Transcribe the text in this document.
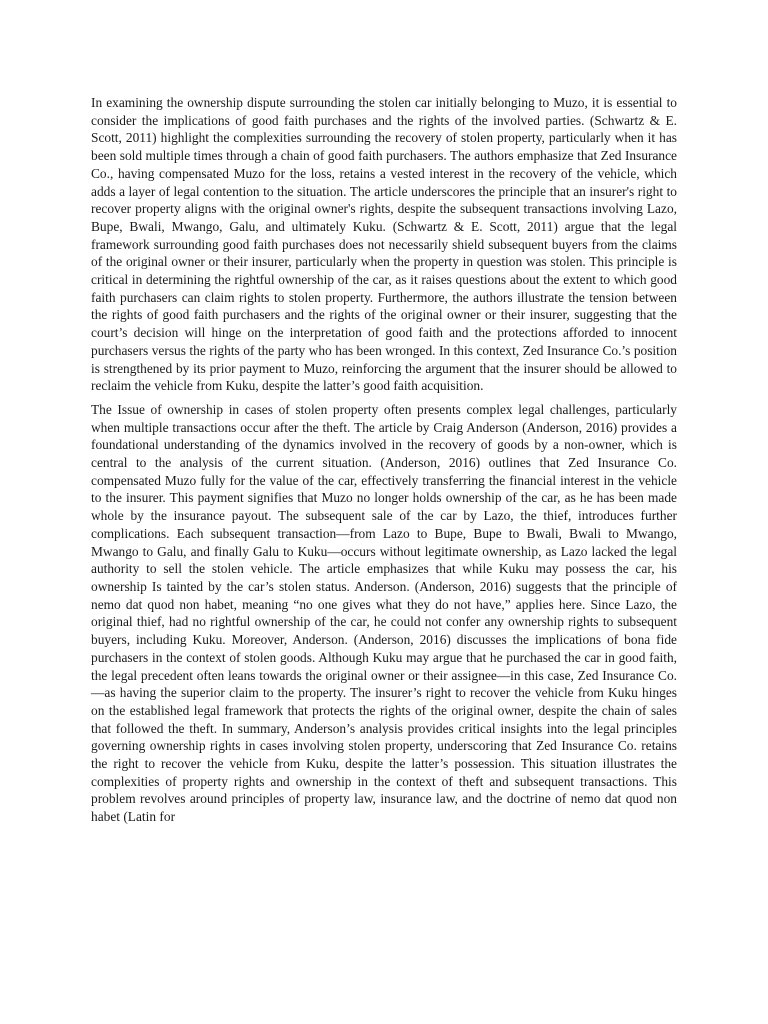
In examining the ownership dispute surrounding the stolen car initially belonging to Muzo, it is essential to consider the implications of good faith purchases and the rights of the involved parties. (Schwartz & E. Scott, 2011) highlight the complexities surrounding the recovery of stolen property, particularly when it has been sold multiple times through a chain of good faith purchasers. The authors emphasize that Zed Insurance Co., having compensated Muzo for the loss, retains a vested interest in the recovery of the vehicle, which adds a layer of legal contention to the situation. The article underscores the principle that an insurer's right to recover property aligns with the original owner's rights, despite the subsequent transactions involving Lazo, Bupe, Bwali, Mwango, Galu, and ultimately Kuku. (Schwartz & E. Scott, 2011) argue that the legal framework surrounding good faith purchases does not necessarily shield subsequent buyers from the claims of the original owner or their insurer, particularly when the property in question was stolen. This principle is critical in determining the rightful ownership of the car, as it raises questions about the extent to which good faith purchasers can claim rights to stolen property. Furthermore, the authors illustrate the tension between the rights of good faith purchasers and the rights of the original owner or their insurer, suggesting that the court’s decision will hinge on the interpretation of good faith and the protections afforded to innocent purchasers versus the rights of the party who has been wronged. In this context, Zed Insurance Co.’s position is strengthened by its prior payment to Muzo, reinforcing the argument that the insurer should be allowed to reclaim the vehicle from Kuku, despite the latter’s good faith acquisition.

The Issue of ownership in cases of stolen property often presents complex legal challenges, particularly when multiple transactions occur after the theft. The article by Craig Anderson (Anderson, 2016) provides a foundational understanding of the dynamics involved in the recovery of goods by a non-owner, which is central to the analysis of the current situation. (Anderson, 2016) outlines that Zed Insurance Co. compensated Muzo fully for the value of the car, effectively transferring the financial interest in the vehicle to the insurer. This payment signifies that Muzo no longer holds ownership of the car, as he has been made whole by the insurance payout. The subsequent sale of the car by Lazo, the thief, introduces further complications. Each subsequent transaction—from Lazo to Bupe, Bupe to Bwali, Bwali to Mwango, Mwango to Galu, and finally Galu to Kuku—occurs without legitimate ownership, as Lazo lacked the legal authority to sell the stolen vehicle. The article emphasizes that while Kuku may possess the car, his ownership Is tainted by the car’s stolen status. Anderson. (Anderson, 2016) suggests that the principle of nemo dat quod non habet, meaning “no one gives what they do not have,” applies here. Since Lazo, the original thief, had no rightful ownership of the car, he could not confer any ownership rights to subsequent buyers, including Kuku. Moreover, Anderson. (Anderson, 2016) discusses the implications of bona fide purchasers in the context of stolen goods. Although Kuku may argue that he purchased the car in good faith, the legal precedent often leans towards the original owner or their assignee—in this case, Zed Insurance Co.—as having the superior claim to the property. The insurer’s right to recover the vehicle from Kuku hinges on the established legal framework that protects the rights of the original owner, despite the chain of sales that followed the theft. In summary, Anderson’s analysis provides critical insights into the legal principles governing ownership rights in cases involving stolen property, underscoring that Zed Insurance Co. retains the right to recover the vehicle from Kuku, despite the latter’s possession. This situation illustrates the complexities of property rights and ownership in the context of theft and subsequent transactions. This problem revolves around principles of property law, insurance law, and the doctrine of nemo dat quod non habet (Latin for
